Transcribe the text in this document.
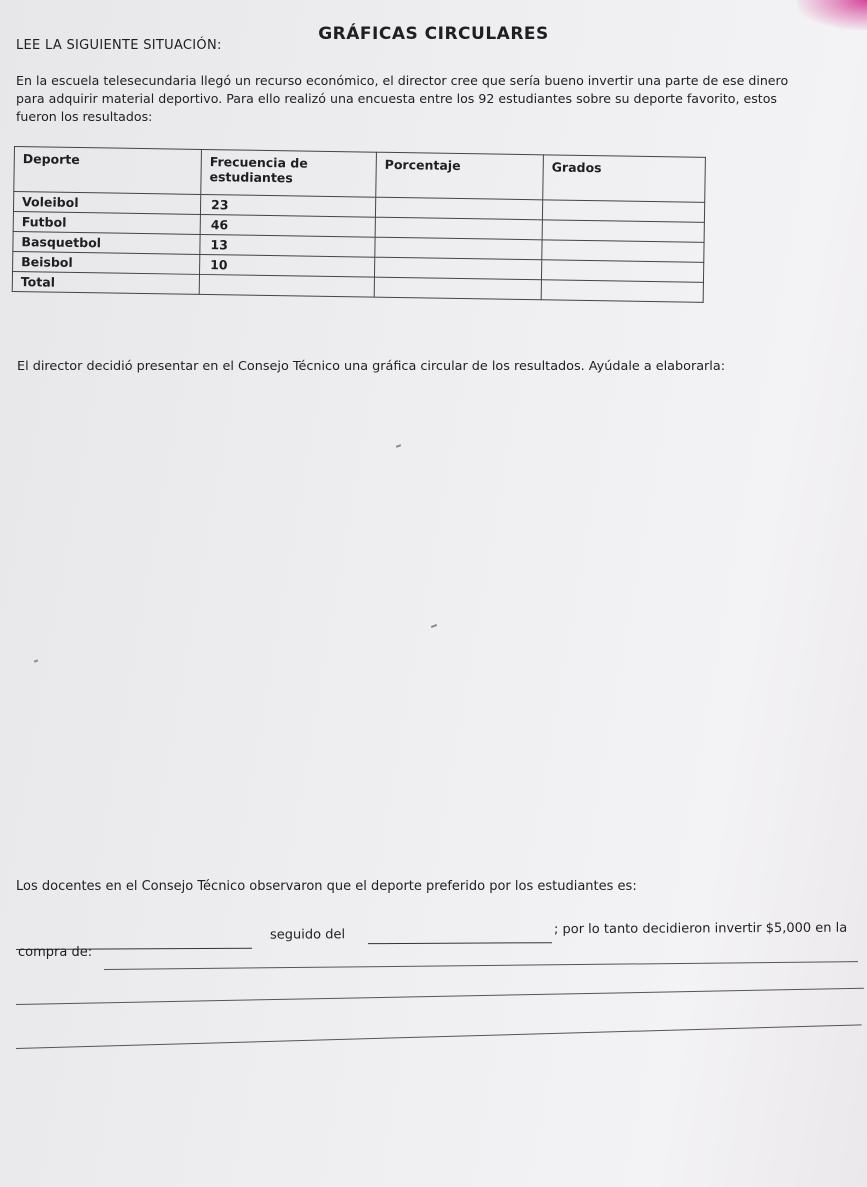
GRÁFICAS CIRCULARES

LEE LA SIGUIENTE SITUACIÓN:

En la escuela telesecundaria llegó un recurso económico, el director cree que sería bueno invertir una parte de ese dinero para adquirir material deportivo. Para ello realizó una encuesta entre los 92 estudiantes sobre su deporte favorito, estos fueron los resultados:

Deporte	Frecuencia de estudiantes	Porcentaje	Grados
Voleibol	23		
Futbol	46		
Basquetbol	13		
Beisbol	10		
Total			

El director decidió presentar en el Consejo Técnico una gráfica circular de los resultados. Ayúdale a elaborarla:

Los docentes en el Consejo Técnico observaron que el deporte preferido por los estudiantes es:

seguido del	; por lo tanto decidieron invertir $5,000 en la

compra de:
